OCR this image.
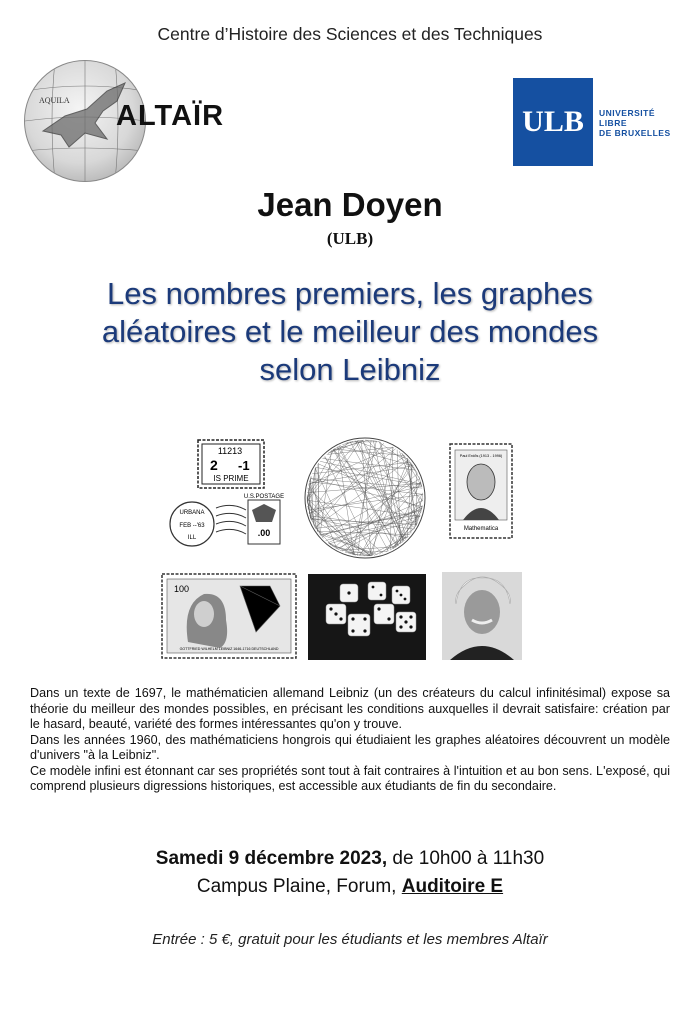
Centre d’Histoire des Sciences et des Techniques
AQUILA ALTAÏR	ULB	UNIVERSITÉ
LIBRE
DE BRUXELLES
Jean Doyen
(ULB)
Les nombres premiers, les graphes
aléatoires et le meilleur des mondes
selon Leibniz
11213
2 -1
IS PRIME
URBANA
FEB --'63
ILL
U.S.POSTAGE
.00
Paul Erdős (1913 - 1996)
Mathematica
100
GOTTFRIED WILHELM LEIBNIZ 1646-1716 DEUTSCHLAND

Dans un texte de 1697, le mathématicien allemand Leibniz (un des créateurs du calcul infinitésimal) expose sa théorie du meilleur des mondes possibles, en précisant les conditions auxquelles il devrait satisfaire: création par le hasard, beauté, variété des formes intéressantes qu'on y trouve.

Dans les années 1960, des mathématiciens hongrois qui étudiaient les graphes aléatoires découvrent un modèle d'univers "à la Leibniz".

Ce modèle infini est étonnant car ses propriétés sont tout à fait contraires à l'intuition et au bon sens. L'exposé, qui comprend plusieurs digressions historiques, est accessible aux étudiants de fin du secondaire.

Samedi 9 décembre 2023, de 10h00 à 11h30
Campus Plaine, Forum, Auditoire E
Entrée : 5 €, gratuit pour les étudiants et les membres Altaïr
